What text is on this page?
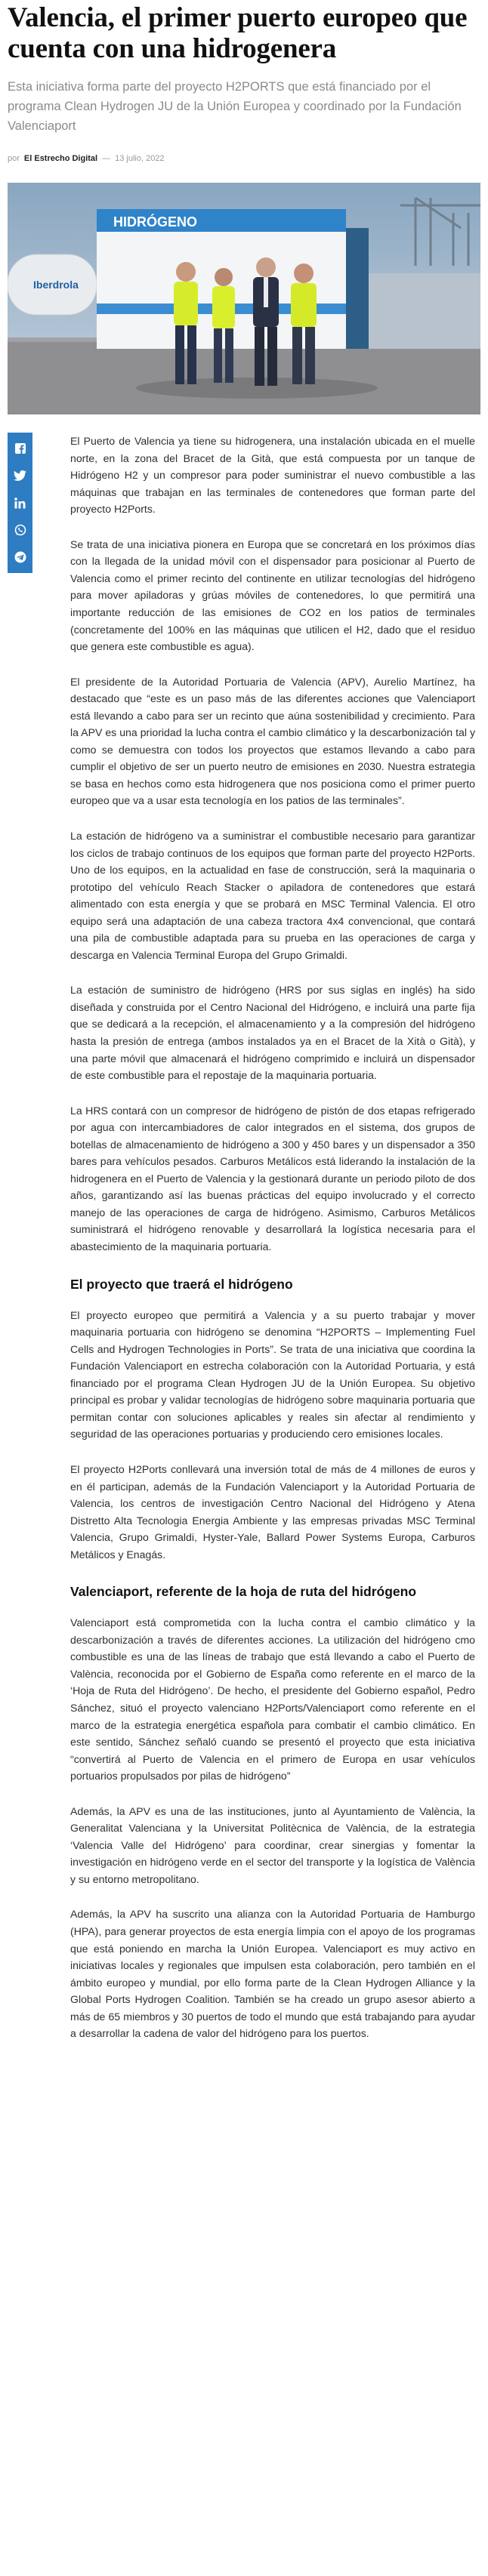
Valencia, el primer puerto europeo que cuenta con una hidrogenera

Esta iniciativa forma parte del proyecto H2PORTS que está financiado por el programa Clean Hydrogen JU de la Unión Europea y coordinado por la Fundación Valenciaport

por El Estrecho Digital — 13 julio, 2022
Iberdrola
HIDRÓGENO

El Puerto de Valencia ya tiene su hidrogenera, una instalación ubicada en el muelle norte, en la zona del Bracet de la Gità, que está compuesta por un tanque de Hidrógeno H2 y un compresor para poder suministrar el nuevo combustible a las máquinas que trabajan en las terminales de contenedores que forman parte del proyecto H2Ports.

Se trata de una iniciativa pionera en Europa que se concretará en los próximos días con la llegada de la unidad móvil con el dispensador para posicionar al Puerto de Valencia como el primer recinto del continente en utilizar tecnologías del hidrógeno para mover apiladoras y grúas móviles de contenedores, lo que permitirá una importante reducción de las emisiones de CO2 en los patios de terminales (concretamente del 100% en las máquinas que utilicen el H2, dado que el residuo que genera este combustible es agua).

El presidente de la Autoridad Portuaria de Valencia (APV), Aurelio Martínez, ha destacado que “este es un paso más de las diferentes acciones que Valenciaport está llevando a cabo para ser un recinto que aúna sostenibilidad y crecimiento. Para la APV es una prioridad la lucha contra el cambio climático y la descarbonización tal y como se demuestra con todos los proyectos que estamos llevando a cabo para cumplir el objetivo de ser un puerto neutro de emisiones en 2030. Nuestra estrategia se basa en hechos como esta hidrogenera que nos posiciona como el primer puerto europeo que va a usar esta tecnología en los patios de las terminales”.

La estación de hidrógeno va a suministrar el combustible necesario para garantizar los ciclos de trabajo continuos de los equipos que forman parte del proyecto H2Ports. Uno de los equipos, en la actualidad en fase de construcción, será la maquinaria o prototipo del vehículo Reach Stacker o apiladora de contenedores que estará alimentado con esta energía y que se probará en MSC Terminal Valencia. El otro equipo será una adaptación de una cabeza tractora 4x4 convencional, que contará una pila de combustible adaptada para su prueba en las operaciones de carga y descarga en Valencia Terminal Europa del Grupo Grimaldi.

La estación de suministro de hidrógeno (HRS por sus siglas en inglés) ha sido diseñada y construida por el Centro Nacional del Hidrógeno, e incluirá una parte fija que se dedicará a la recepción, el almacenamiento y a la compresión del hidrógeno hasta la presión de entrega (ambos instalados ya en el Bracet de la Xità o Gità), y una parte móvil que almacenará el hidrógeno comprimido e incluirá un dispensador de este combustible para el repostaje de la maquinaria portuaria.

La HRS contará con un compresor de hidrógeno de pistón de dos etapas refrigerado por agua con intercambiadores de calor integrados en el sistema, dos grupos de botellas de almacenamiento de hidrógeno a 300 y 450 bares y un dispensador a 350 bares para vehículos pesados. Carburos Metálicos está liderando la instalación de la hidrogenera en el Puerto de Valencia y la gestionará durante un periodo piloto de dos años, garantizando así las buenas prácticas del equipo involucrado y el correcto manejo de las operaciones de carga de hidrógeno. Asimismo, Carburos Metálicos suministrará el hidrógeno renovable y desarrollará la logística necesaria para el abastecimiento de la maquinaria portuaria.

El proyecto que traerá el hidrógeno

El proyecto europeo que permitirá a Valencia y a su puerto trabajar y mover maquinaria portuaria con hidrógeno se denomina “H2PORTS – Implementing Fuel Cells and Hydrogen Technologies in Ports”. Se trata de una iniciativa que coordina la Fundación Valenciaport en estrecha colaboración con la Autoridad Portuaria, y está financiado por el programa Clean Hydrogen JU de la Unión Europea. Su objetivo principal es probar y validar tecnologías de hidrógeno sobre maquinaria portuaria que permitan contar con soluciones aplicables y reales sin afectar al rendimiento y seguridad de las operaciones portuarias y produciendo cero emisiones locales.

El proyecto H2Ports conllevará una inversión total de más de 4 millones de euros y en él participan, además de la Fundación Valenciaport y la Autoridad Portuaria de Valencia, los centros de investigación Centro Nacional del Hidrógeno y Atena Distretto Alta Tecnologia Energia Ambiente y las empresas privadas MSC Terminal Valencia, Grupo Grimaldi, Hyster-Yale, Ballard Power Systems Europa, Carburos Metálicos y Enagás.

Valenciaport, referente de la hoja de ruta del hidrógeno

Valenciaport está comprometida con la lucha contra el cambio climático y la descarbonización a través de diferentes acciones. La utilización del hidrógeno cmo combustible es una de las líneas de trabajo que está llevando a cabo el Puerto de València, reconocida por el Gobierno de España como referente en el marco de la ‘Hoja de Ruta del Hidrógeno’. De hecho, el presidente del Gobierno español, Pedro Sánchez, situó el proyecto valenciano H2Ports/Valenciaport como referente en el marco de la estrategia energética española para combatir el cambio climático. En este sentido, Sánchez señaló cuando se presentó el proyecto que esta iniciativa “convertirá al Puerto de Valencia en el primero de Europa en usar vehículos portuarios propulsados por pilas de hidrógeno”

Además, la APV es una de las instituciones, junto al Ayuntamiento de València, la Generalitat Valenciana y la Universitat Politècnica de València, de la estrategia ‘Valencia Valle del Hidrógeno’ para coordinar, crear sinergias y fomentar la investigación en hidrógeno verde en el sector del transporte y la logística de València y su entorno metropolitano.

Además, la APV ha suscrito una alianza con la Autoridad Portuaria de Hamburgo (HPA), para generar proyectos de esta energía limpia con el apoyo de los programas que está poniendo en marcha la Unión Europea. Valenciaport es muy activo en iniciativas locales y regionales que impulsen esta colaboración, pero también en el ámbito europeo y mundial, por ello forma parte de la Clean Hydrogen Alliance y la Global Ports Hydrogen Coalition. También se ha creado un grupo asesor abierto a más de 65 miembros y 30 puertos de todo el mundo que está trabajando para ayudar a desarrollar la cadena de valor del hidrógeno para los puertos.
